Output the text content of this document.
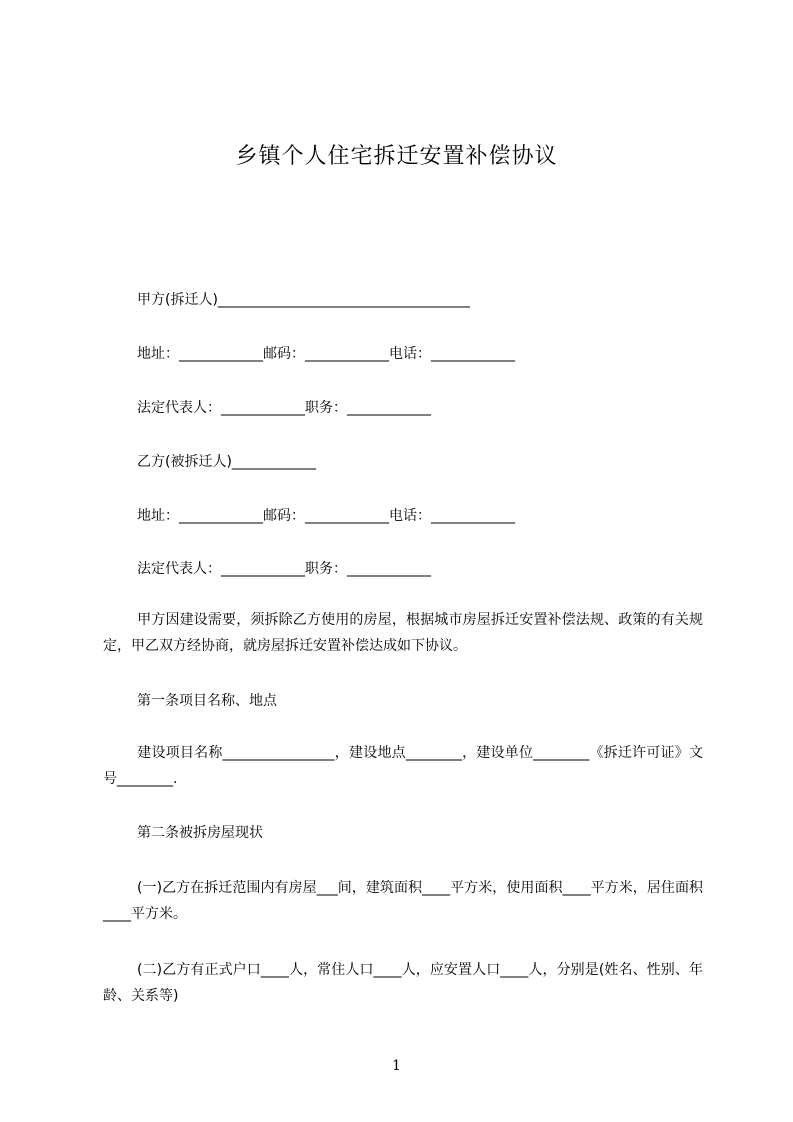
乡镇个人住宅拆迁安置补偿协议
甲方(拆迁人)____________________________________
地址：____________邮码：____________电话：____________
法定代表人：____________职务：____________
乙方(被拆迁人)____________
地址：____________邮码：____________电话：____________
法定代表人：____________职务：____________
甲方因建设需要，须拆除乙方使用的房屋，根据城市房屋拆迁安置补偿法规、政策的有关规定，甲乙双方经协商，就房屋拆迁安置补偿达成如下协议。
第一条项目名称、地点
建设项目名称________________，建设地点________，建设单位________《拆迁许可证》文号________.
第二条被拆房屋现状
(一)乙方在拆迁范围内有房屋___间，建筑面积____平方米，使用面积____平方米，居住面积____平方米。
(二)乙方有正式户口____人，常住人口____人，应安置人口____人，分别是(姓名、性别、年龄、关系等)
1
